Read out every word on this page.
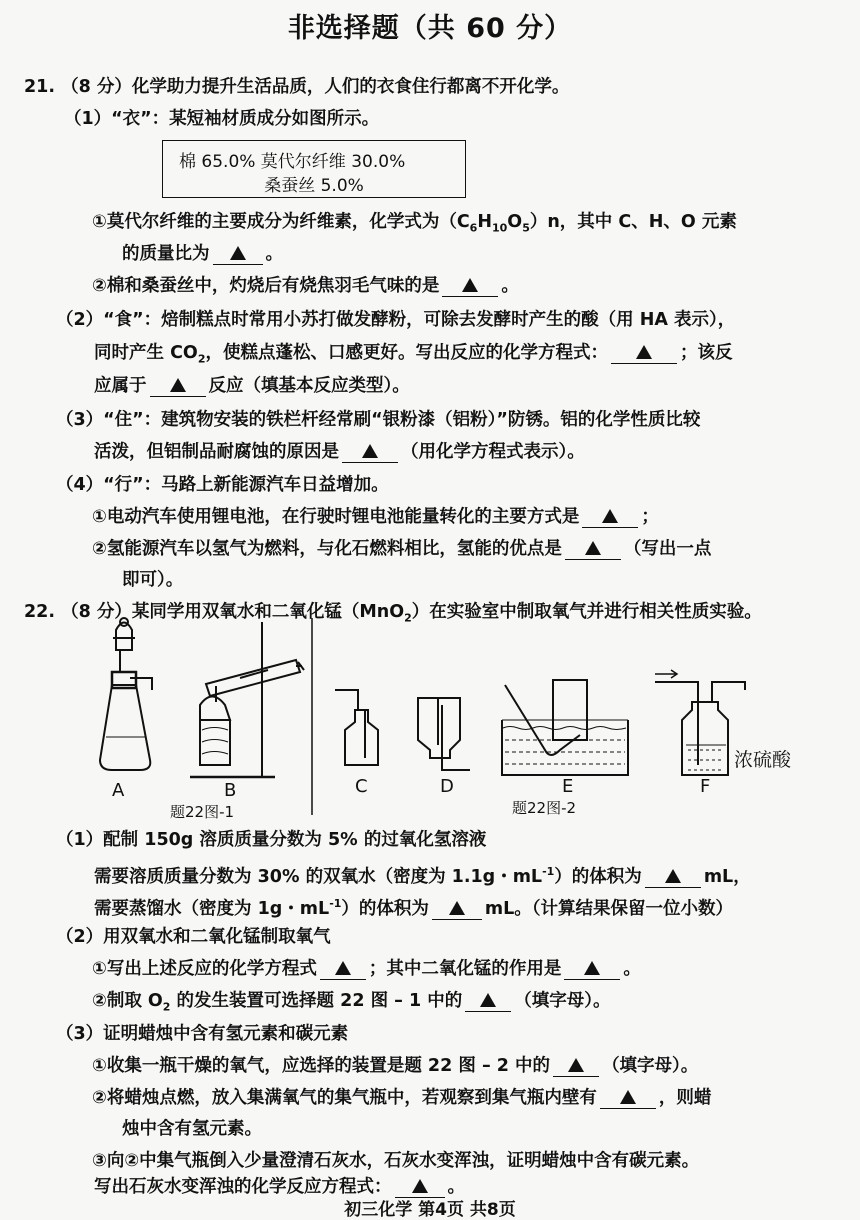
非选择题（共 60 分）
21. （8 分）化学助力提升生活品质，人们的衣食住行都离不开化学。
（1）“衣”：某短袖材质成分如图所示。
棉 65.0% 莫代尔纤维 30.0%
桑蚕丝 5.0%
①莫代尔纤维的主要成分为纤维素，化学式为$(C_6H_{10}O_5)n$，其中 C、H、O 元素
的质量比为	。
②棉和桑蚕丝中，灼烧后有烧焦羽毛气味的是	。
（2）“食”：焙制糕点时常用小苏打做发酵粉，可除去发酵时产生的酸（用 HA 表示），
同时产生 $CO_2$，使糕点蓬松、口感更好。写出反应的化学方程式：	；该反
应属于	反应（填基本反应类型）。
（3）“住”：建筑物安装的铁栏杆经常刷“银粉漆（铝粉）”防锈。铝的化学性质比较
活泼，但铝制品耐腐蚀的原因是	（用化学方程式表示）。
（4）“行”：马路上新能源汽车日益增加。
①电动汽车使用锂电池，在行驶时锂电池能量转化的主要方式是	；
②氢能源汽车以氢气为燃料，与化石燃料相比，氢能的优点是	（写出一点
即可）。
22. （8 分）某同学用双氧水和二氧化锰（MnO$_2$）在实验室中制取氧气并进行相关性质实验。
A	B	C	D	E	F
浓硫酸
题22图-1	题22图-2
（1）配制 150g 溶质质量分数为 5% 的过氧化氢溶液
需要溶质质量分数为 30% 的双氧水（密度为 1.1g・$mL^{-1}$）的体积为	mL，
需要蒸馏水（密度为 1g・$mL^{-1}$）的体积为	mL。（计算结果保留一位小数）
（2）用双氧水和二氧化锰制取氧气
①写出上述反应的化学方程式	；其中二氧化锰的作用是	。
②制取 $O_2$ 的发生装置可选择题 22 图 – 1 中的	（填字母）。
（3）证明蜡烛中含有氢元素和碳元素
①收集一瓶干燥的氧气，应选择的装置是题 22 图 – 2 中的	（填字母）。
②将蜡烛点燃，放入集满氧气的集气瓶中，若观察到集气瓶内壁有	，则蜡
烛中含有氢元素。
③向②中集气瓶倒入少量澄清石灰水，石灰水变浑浊，证明蜡烛中含有碳元素。
写出石灰水变浑浊的化学反应方程式：	。
初三化学 第4页 共8页
